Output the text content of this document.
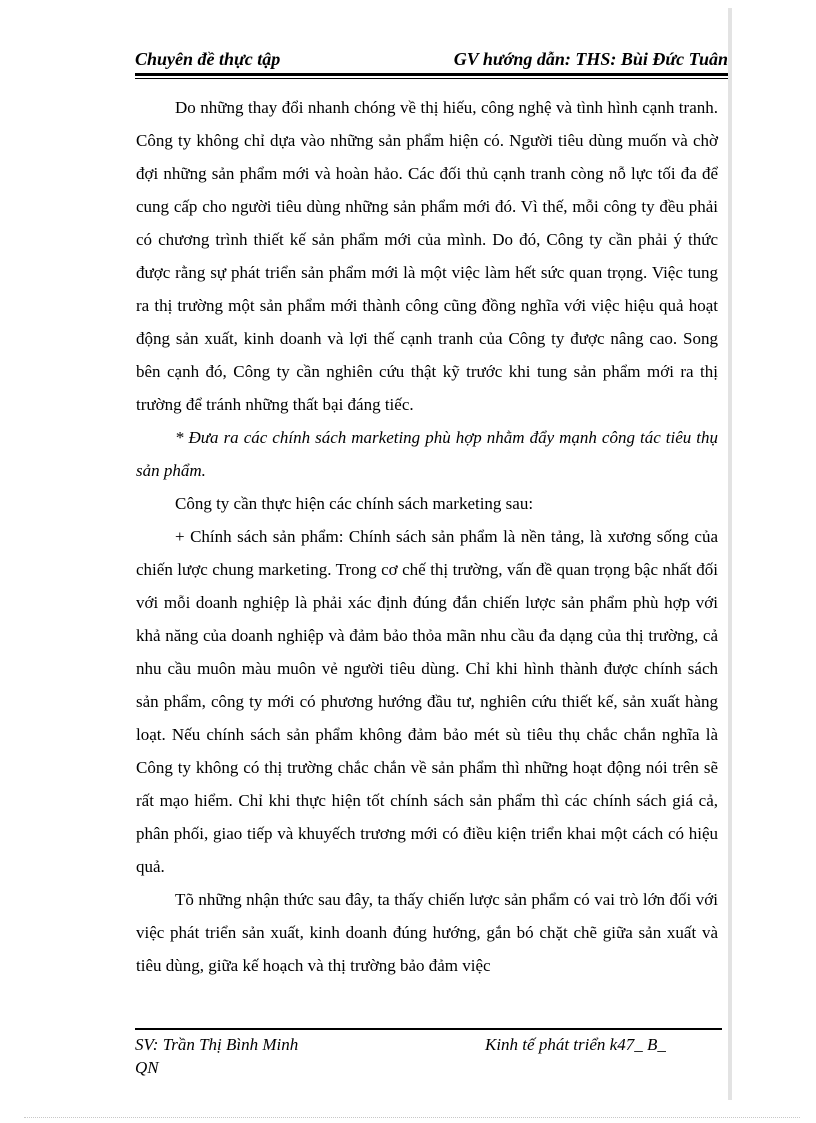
Chuyên đề thực tập	GV hướng dẫn: THS: Bùi Đức Tuân

Do những thay đổi nhanh chóng về thị hiếu, công nghệ và tình hình cạnh tranh. Công ty không chỉ dựa vào những sản phẩm hiện có. Người tiêu dùng muốn và chờ đợi những sản phẩm mới và hoàn hảo. Các đối thủ cạnh tranh còng nỗ lực tối đa để cung cấp cho người tiêu dùng những sản phẩm mới đó. Vì thế, mỗi công ty đều phải có chương trình thiết kế sản phẩm mới của mình. Do đó, Công ty cần phải ý thức được rằng sự phát triển sản phẩm mới là một việc làm hết sức quan trọng. Việc tung ra thị trường một sản phẩm mới thành công cũng đồng nghĩa với việc hiệu quả hoạt động sản xuất, kinh doanh và lợi thế cạnh tranh của Công ty được nâng cao. Song bên cạnh đó, Công ty cần nghiên cứu thật kỹ trước khi tung sản phẩm mới ra thị trường để tránh những thất bại đáng tiếc.

* Đưa ra các chính sách marketing phù hợp nhằm đẩy mạnh công tác tiêu thụ sản phẩm.

Công ty cần thực hiện các chính sách marketing sau:

+ Chính sách sản phẩm: Chính sách sản phẩm là nền tảng, là xương sống của chiến lược chung marketing. Trong cơ chế thị trường, vấn đề quan trọng bậc nhất đối với mỗi doanh nghiệp là phải xác định đúng đắn chiến lược sản phẩm phù hợp với khả năng của doanh nghiệp và đảm bảo thỏa mãn nhu cầu đa dạng của thị trường, cả nhu cầu muôn màu muôn vẻ người tiêu dùng. Chỉ khi hình thành được chính sách sản phẩm, công ty mới có phương hướng đầu tư, nghiên cứu thiết kế, sản xuất hàng loạt. Nếu chính sách sản phẩm không đảm bảo mét sù tiêu thụ chắc chắn nghĩa là Công ty không có thị trường chắc chắn về sản phẩm thì những hoạt động nói trên sẽ rất mạo hiểm. Chỉ khi thực hiện tốt chính sách sản phẩm thì các chính sách giá cả, phân phối, giao tiếp và khuyếch trương mới có điều kiện triển khai một cách có hiệu quả.

Tõ những nhận thức sau đây, ta thấy chiến lược sản phẩm có vai trò lớn đối với việc phát triển sản xuất, kinh doanh đúng hướng, gắn bó chặt chẽ giữa sản xuất và tiêu dùng, giữa kế hoạch và thị trường bảo đảm việc

SV: Trần Thị Bình Minh	Kinh tế phát triển k47_ B_
QN
